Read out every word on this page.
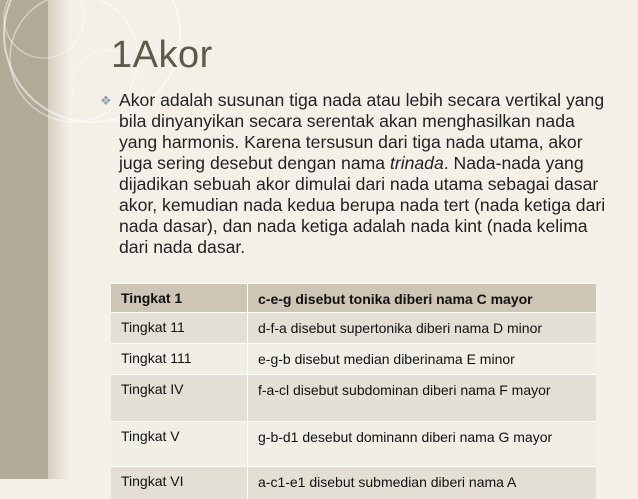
1Akor
❖ Akor adalah susunan tiga nada atau lebih secara vertikal yang bila dinyanyikan secara serentak akan menghasilkan nada yang harmonis. Karena tersusun dari tiga nada utama, akor juga sering desebut dengan nama trinada. Nada-nada yang dijadikan sebuah akor dimulai dari nada utama sebagai dasar akor, kemudian nada kedua berupa nada tert (nada ketiga dari nada dasar), dan nada ketiga adalah nada kint (nada kelima dari nada dasar.

Tingkat 1	c-e-g disebut tonika diberi nama C mayor
Tingkat 11	d-f-a disebut supertonika diberi nama D minor
Tingkat 111	e-g-b disebut median diberinama E minor
Tingkat IV	f-a-cl disebut subdominan diberi nama F mayor
Tingkat V	g-b-d1 desebut dominann diberi nama G mayor
Tingkat VI	a-c1-e1 disebut submedian diberi nama A
